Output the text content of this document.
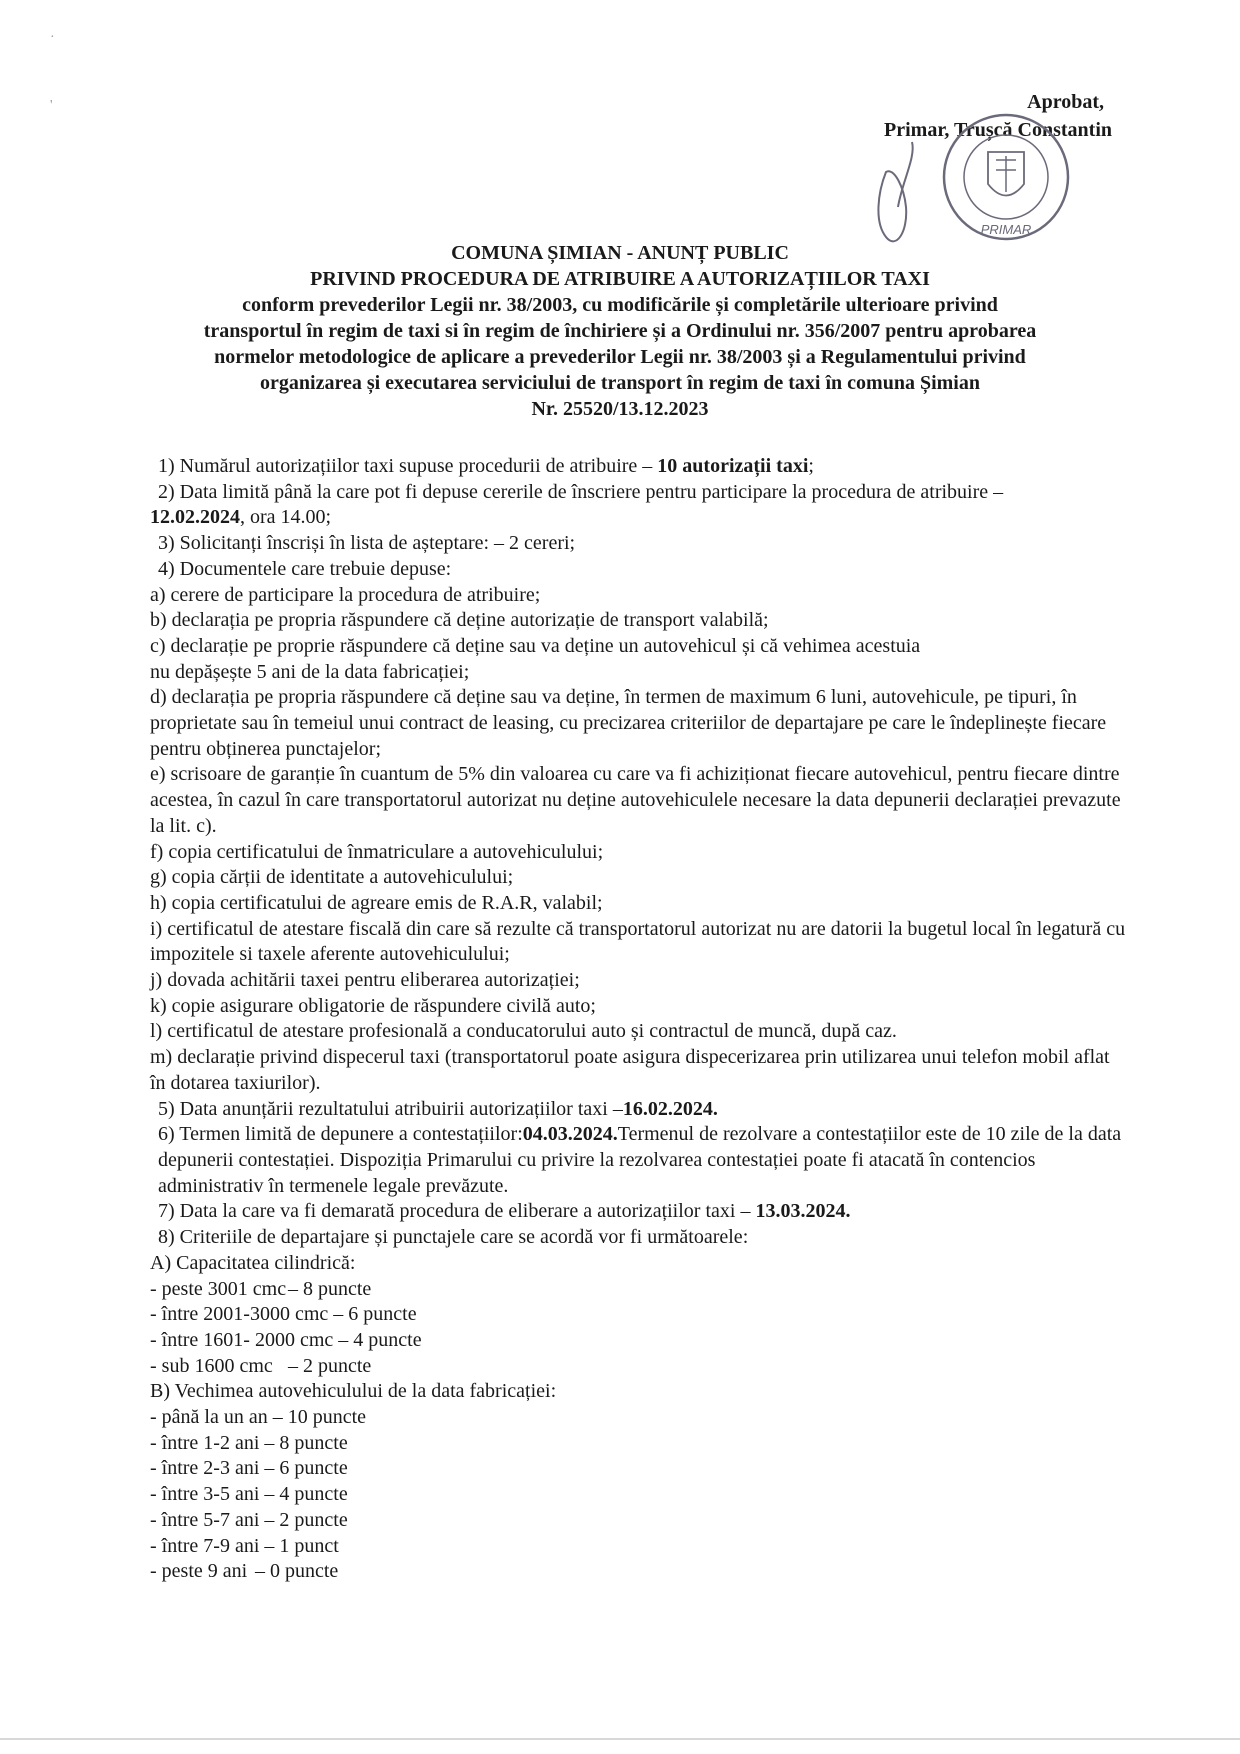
·
'	Aprobat,
Primar, Trușcă Constantin
PRIMAR
COMUNA ȘIMIAN - ANUNȚ PUBLIC
PRIVIND PROCEDURA DE ATRIBUIRE A AUTORIZAȚIILOR TAXI
conform prevederilor Legii nr. 38/2003, cu modificările și completările ulterioare privind
transportul în regim de taxi si în regim de închiriere și a Ordinului nr. 356/2007 pentru aprobarea
normelor metodologice de aplicare a prevederilor Legii nr. 38/2003 și a Regulamentului privind
organizarea și executarea serviciului de transport în regim de taxi în comuna Șimian
Nr. 25520/13.12.2023

1) Numărul autorizațiilor taxi supuse procedurii de atribuire – 10 autorizații taxi;

2) Data limită până la care pot fi depuse cererile de înscriere pentru participare la procedura de atribuire –

12.02.2024, ora 14.00;

3) Solicitanți înscriși în lista de așteptare: – 2 cereri;

4) Documentele care trebuie depuse:

a) cerere de participare la procedura de atribuire;

b) declarația pe propria răspundere că deține autorizație de transport valabilă;

c) declarație pe proprie răspundere că deține sau va deține un autovehicul și că vehimea acestuia

nu depășește 5 ani de la data fabricației;

d) declarația pe propria răspundere că deține sau va deține, în termen de maximum 6 luni, autovehicule, pe tipuri, în proprietate sau în temeiul unui contract de leasing, cu precizarea criteriilor de departajare pe care le îndeplinește fiecare pentru obținerea punctajelor;

e) scrisoare de garanție în cuantum de 5% din valoarea cu care va fi achiziționat fiecare autovehicul, pentru fiecare dintre acestea, în cazul în care transportatorul autorizat nu deține autovehiculele necesare la data depunerii declarației prevazute la lit. c).

f) copia certificatului de înmatriculare a autovehiculului;

g) copia cărții de identitate a autovehiculului;

h) copia certificatului de agreare emis de R.A.R, valabil;

i) certificatul de atestare fiscală din care să rezulte că transportatorul autorizat nu are datorii la bugetul local în legatură cu impozitele si taxele aferente autovehiculului;

j) dovada achitării taxei pentru eliberarea autorizației;

k) copie asigurare obligatorie de răspundere civilă auto;

l) certificatul de atestare profesională a conducatorului auto și contractul de muncă, după caz.

m) declarație privind dispecerul taxi (transportatorul poate asigura dispecerizarea prin utilizarea unui telefon mobil aflat în dotarea taxiurilor).

5) Data anunțării rezultatului atribuirii autorizațiilor taxi –16.02.2024.

6) Termen limită de depunere a contestațiilor:04.03.2024.Termenul de rezolvare a contestațiilor este de 10 zile de la data depunerii contestației. Dispoziția Primarului cu privire la rezolvarea contestației poate fi atacată în contencios administrativ în termenele legale prevăzute.

7) Data la care va fi demarată procedura de eliberare a autorizațiilor taxi – 13.03.2024.

8) Criteriile de departajare și punctajele care se acordă vor fi următoarele:

A) Capacitatea cilindrică:

- peste 3001 cmc– 8 puncte

- între 2001-3000 cmc – 6 puncte

- între 1601- 2000 cmc – 4 puncte

- sub 1600 cmc – 2 puncte

B) Vechimea autovehiculului de la data fabricației:

- până la un an – 10 puncte

- între 1-2 ani – 8 puncte

- între 2-3 ani – 6 puncte

- între 3-5 ani – 4 puncte

- între 5-7 ani – 2 puncte

- între 7-9 ani – 1 punct

- peste 9 ani – 0 puncte
